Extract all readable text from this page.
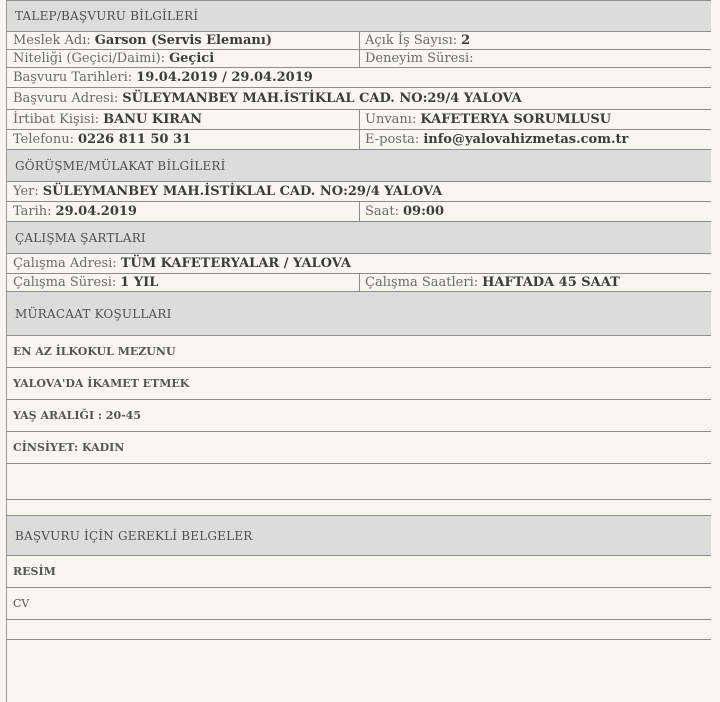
TALEP/BAŞVURU BİLGİLERİ
Meslek Adı: Garson (Servis Elemanı)	Açık İş Sayısı: 2
Niteliği (Geçici/Daimi): Geçici	Deneyim Süresi:
Başvuru Tarihleri: 19.04.2019 / 29.04.2019
Başvuru Adresi: SÜLEYMANBEY MAH.İSTİKLAL CAD. NO:29/4 YALOVA
İrtibat Kişisi: BANU KIRAN	Unvanı: KAFETERYA SORUMLUSU
Telefonu: 0226 811 50 31	E-posta: info@yalovahizmetas.com.tr
GÖRÜŞME/MÜLAKAT BİLGİLERİ
Yer: SÜLEYMANBEY MAH.İSTİKLAL CAD. NO:29/4 YALOVA
Tarih: 29.04.2019	Saat: 09:00
ÇALIŞMA ŞARTLARI
Çalışma Adresi: TÜM KAFETERYALAR / YALOVA
Çalışma Süresi: 1 YIL	Çalışma Saatleri: HAFTADA 45 SAAT
MÜRACAAT KOŞULLARI
EN AZ İLKOKUL MEZUNU
YALOVA'DA İKAMET ETMEK
YAŞ ARALIĞI : 20-45
CİNSİYET: KADIN
BAŞVURU İÇİN GEREKLİ BELGELER
RESİM
CV
